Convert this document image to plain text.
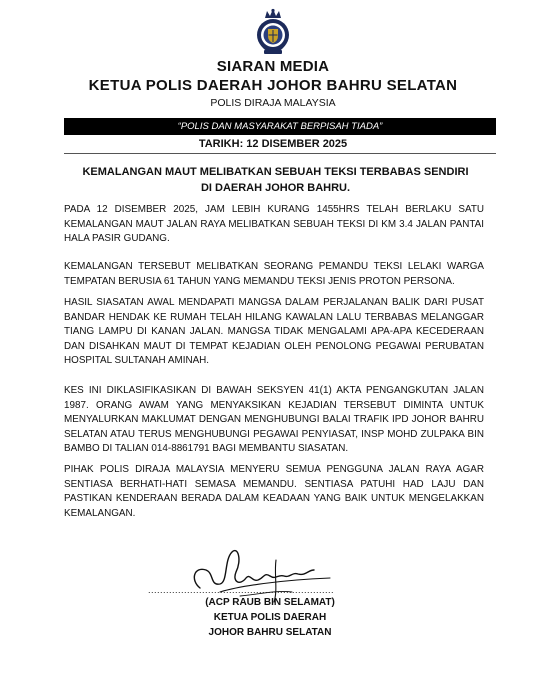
SIARAN MEDIA
KETUA POLIS DAERAH JOHOR BAHRU SELATAN
POLIS DIRAJA MALAYSIA
“POLIS DAN MASYARAKAT BERPISAH TIADA”
TARIKH: 12 DISEMBER 2025
KEMALANGAN MAUT MELIBATKAN SEBUAH TEKSI TERBABAS SENDIRI DI DAERAH JOHOR BAHRU.
PADA 12 DISEMBER 2025, JAM LEBIH KURANG 1455HRS TELAH BERLAKU SATU KEMALANGAN MAUT JALAN RAYA MELIBATKAN SEBUAH TEKSI DI KM 3.4 JALAN PANTAI HALA PASIR GUDANG.
KEMALANGAN TERSEBUT MELIBATKAN SEORANG PEMANDU TEKSI LELAKI WARGA TEMPATAN BERUSIA 61 TAHUN YANG MEMANDU TEKSI JENIS PROTON PERSONA.
HASIL SIASATAN AWAL MENDAPATI MANGSA DALAM PERJALANAN BALIK DARI PUSAT BANDAR HENDAK KE RUMAH TELAH HILANG KAWALAN LALU TERBABAS MELANGGAR TIANG LAMPU DI KANAN JALAN. MANGSA TIDAK MENGALAMI APA-APA KECEDERAAN DAN DISAHKAN MAUT DI TEMPAT KEJADIAN OLEH PENOLONG PEGAWAI PERUBATAN HOSPITAL SULTANAH AMINAH.
KES INI DIKLASIFIKASIKAN DI BAWAH SEKSYEN 41(1) AKTA PENGANGKUTAN JALAN 1987. ORANG AWAM YANG MENYAKSIKAN KEJADIAN TERSEBUT DIMINTA UNTUK MENYALURKAN MAKLUMAT DENGAN MENGHUBUNGI BALAI TRAFIK IPD JOHOR BAHRU SELATAN ATAU TERUS MENGHUBUNGI PEGAWAI PENYIASAT, INSP MOHD ZULPAKA BIN BAMBO DI TALIAN 014-8861791 BAGI MEMBANTU SIASATAN.
PIHAK POLIS DIRAJA MALAYSIA MENYERU SEMUA PENGGUNA JALAN RAYA AGAR SENTIASA BERHATI-HATI SEMASA MEMANDU. SENTIASA PATUHI HAD LAJU DAN PASTIKAN KENDERAAN BERADA DALAM KEADAAN YANG BAIK UNTUK MENGELAKKAN KEMALANGAN.
..............................................................
(ACP RAUB BIN SELAMAT)
KETUA POLIS DAERAH
JOHOR BAHRU SELATAN
